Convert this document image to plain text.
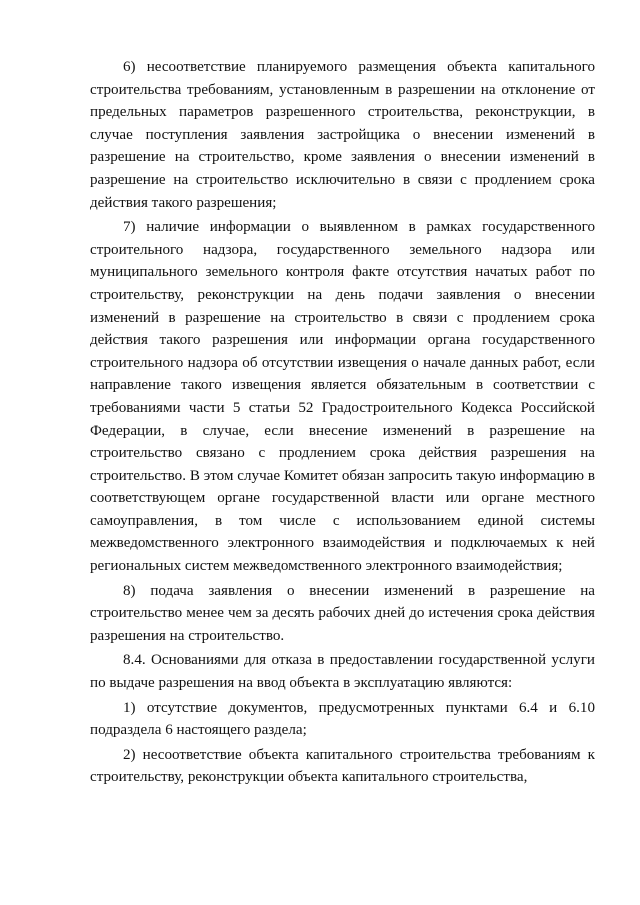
6) несоответствие планируемого размещения объекта капитального строительства требованиям, установленным в разрешении на отклонение от предельных параметров разрешенного строительства, реконструкции, в случае поступления заявления застройщика о внесении изменений в разрешение на строительство, кроме заявления о внесении изменений в разрешение на строительство исключительно в связи с продлением срока действия такого разрешения;

7) наличие информации о выявленном в рамках государственного строительного надзора, государственного земельного надзора или муниципального земельного контроля факте отсутствия начатых работ по строительству, реконструкции на день подачи заявления о внесении изменений в разрешение на строительство в связи с продлением срока действия такого разрешения или информации органа государственного строительного надзора об отсутствии извещения о начале данных работ, если направление такого извещения является обязательным в соответствии с требованиями части 5 статьи 52 Градостроительного Кодекса Российской Федерации, в случае, если внесение изменений в разрешение на строительство связано с продлением срока действия разрешения на строительство. В этом случае Комитет обязан запросить такую информацию в соответствующем органе государственной власти или органе местного самоуправления, в том числе с использованием единой системы межведомственного электронного взаимодействия и подключаемых к ней региональных систем межведомственного электронного взаимодействия;

8) подача заявления о внесении изменений в разрешение на строительство менее чем за десять рабочих дней до истечения срока действия разрешения на строительство.

8.4. Основаниями для отказа в предоставлении государственной услуги по выдаче разрешения на ввод объекта в эксплуатацию являются:

1) отсутствие документов, предусмотренных пунктами 6.4 и 6.10 подраздела 6 настоящего раздела;

2) несоответствие объекта капитального строительства требованиям к строительству, реконструкции объекта капитального строительства,
